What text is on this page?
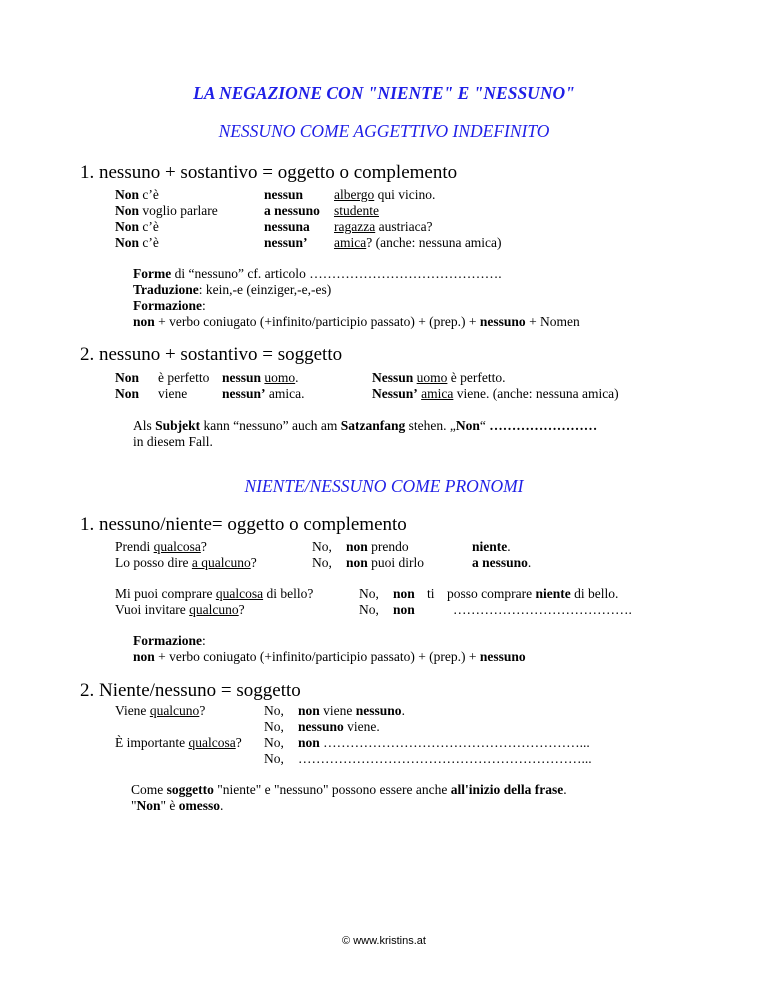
LA NEGAZIONE CON "NIENTE" E "NESSUNO"
NESSUNO COME AGGETTIVO INDEFINITO
1. nessuno + sostantivo = oggetto o complemento
Non c’è	nessun albergo qui vicino.
Non voglio parlare	a nessuno studente
Non c’è	nessuna ragazza austriaca?
Non c’è	nessun’ amica? (anche: nessuna amica)
Forme di “nessuno” cf. articolo …………………………………….
Traduzione: kein,-e (einziger,-e,-es)
Formazione:
non + verbo coniugato (+infinito/participio passato) + (prep.) + nessuno + Nomen
2. nessuno + sostantivo = soggetto
Non è perfetto nessun uomo.	Nessun uomo è perfetto.
Non viene	nessun’ amica.	Nessun’ amica viene. (anche: nessuna amica)
Als Subjekt kann “nessuno” auch am Satzanfang stehen. „Non“ ……………………
in diesem Fall.
NIENTE/NESSUNO COME PRONOMI
1. nessuno/niente= oggetto o complemento
Prendi qualcosa?	No, non prendo	niente.
Lo posso dire a qualcuno?	No, non puoi dirlo	a nessuno.
Mi puoi comprare qualcosa di bello?	No, non ti posso comprare niente di bello.
Vuoi invitare qualcuno?	No, non	………………………………….
Formazione:
non + verbo coniugato (+infinito/participio passato) + (prep.) + nessuno
2. Niente/nessuno = soggetto
Viene qualcuno?	No, non viene nessuno.
No, nessuno viene.
È importante qualcosa? No, non …………………………………………………...
No, ………………………………………………………...
Come soggetto "niente" e "nessuno" possono essere anche all'inizio della frase.
"Non" è omesso.
© www.kristins.at
